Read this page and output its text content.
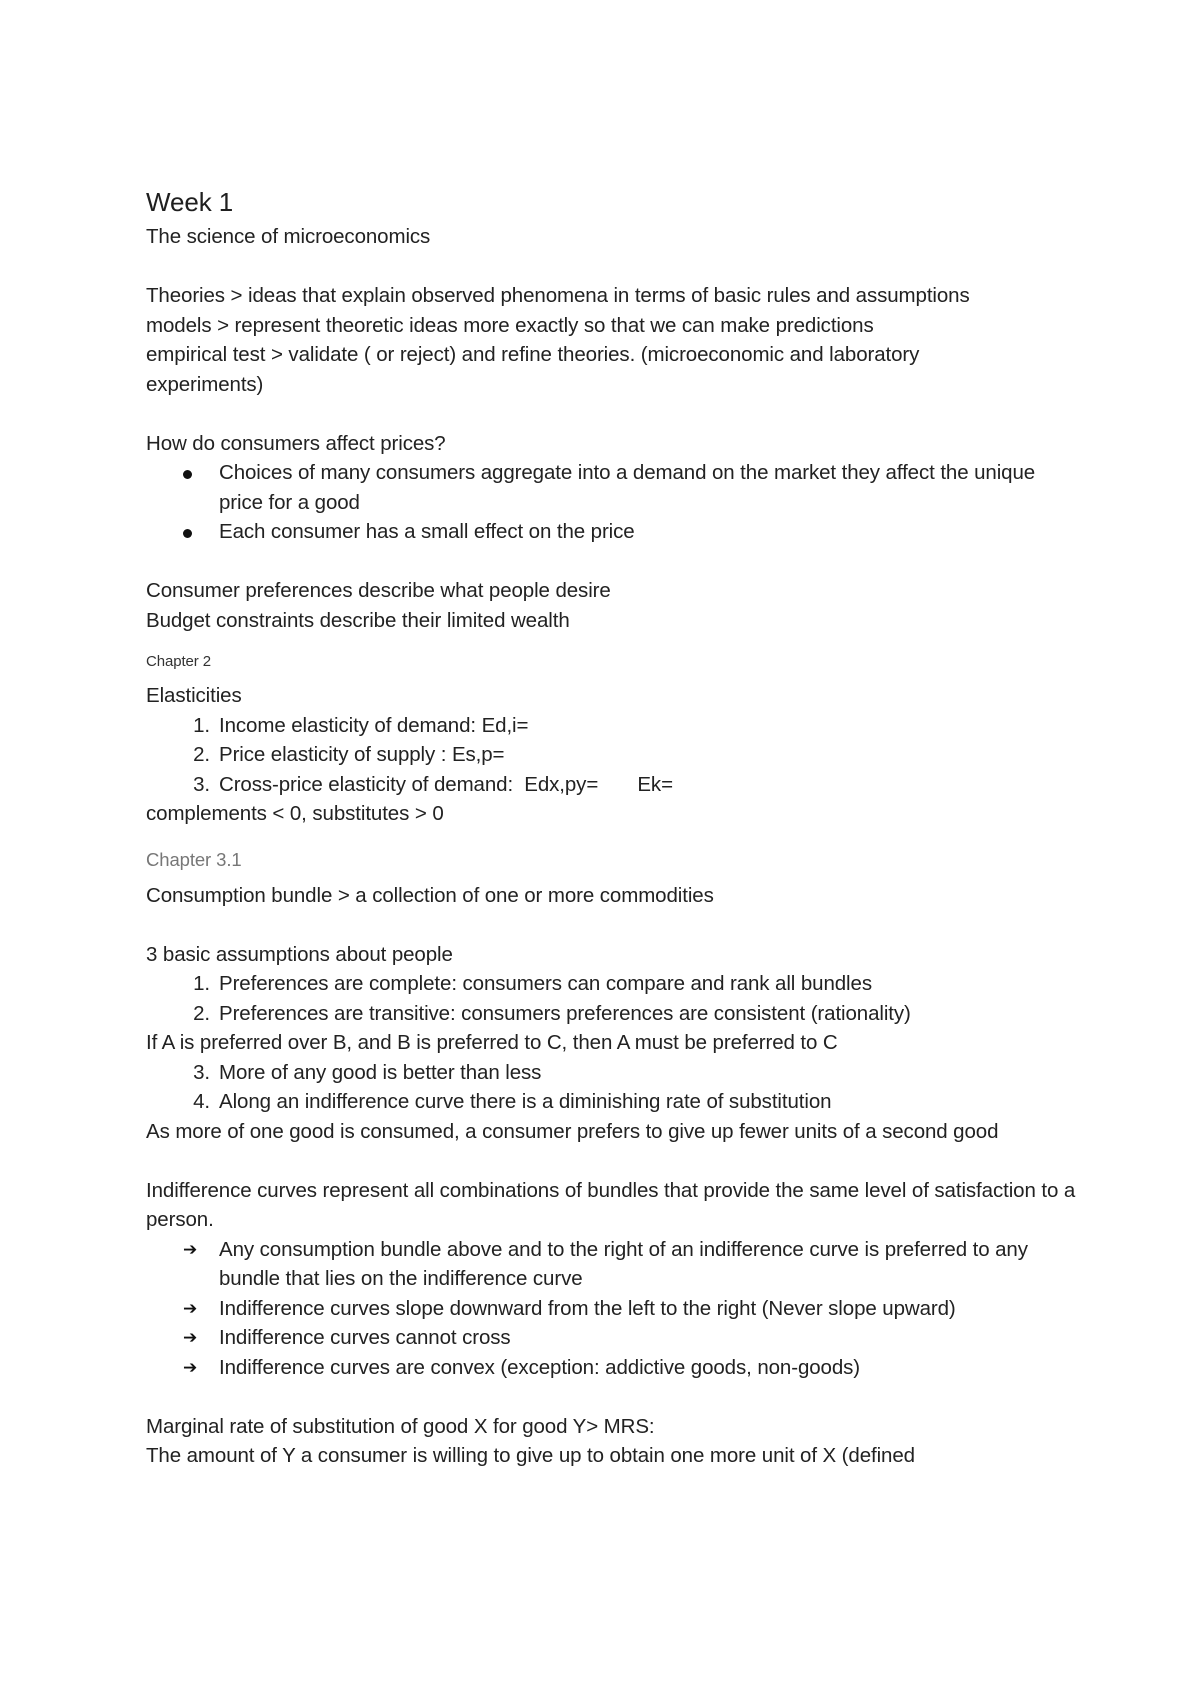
Week 1

The science of microeconomics

Theories > ideas that explain observed phenomena in terms of basic rules and assumptions

models > represent theoretic ideas more exactly so that we can make predictions

empirical test > validate ( or reject) and refine theories. (microeconomic and laboratory

experiments)

How do consumers affect prices?

Choices of many consumers aggregate into a demand on the market they affect the unique price for a good
Each consumer has a small effect on the price

Consumer preferences describe what people desire

Budget constraints describe their limited wealth

Chapter 2

Elasticities

1. Income elasticity of demand: Ed,i=
2. Price elasticity of supply : Es,p=
3. Cross-price elasticity of demand:  Edx,py=       Ek=

complements < 0, substitutes > 0

Chapter 3.1

Consumption bundle > a collection of one or more commodities

3 basic assumptions about people

1. Preferences are complete: consumers can compare and rank all bundles
2. Preferences are transitive: consumers preferences are consistent (rationality)

If A is preferred over B, and B is preferred to C, then A must be preferred to C

3. More of any good is better than less
4. Along an indifference curve there is a diminishing rate of substitution

As more of one good is consumed, a consumer prefers to give up fewer units of a second good

Indifference curves represent all combinations of bundles that provide the same level of satisfaction to a person.

➔ Any consumption bundle above and to the right of an indifference curve is preferred to any bundle that lies on the indifference curve
➔ Indifference curves slope downward from the left to the right (Never slope upward)
➔ Indifference curves cannot cross
➔ Indifference curves are convex (exception: addictive goods, non-goods)

Marginal rate of substitution of good X for good Y> MRS:

The amount of Y a consumer is willing to give up to obtain one more unit of X (defined
